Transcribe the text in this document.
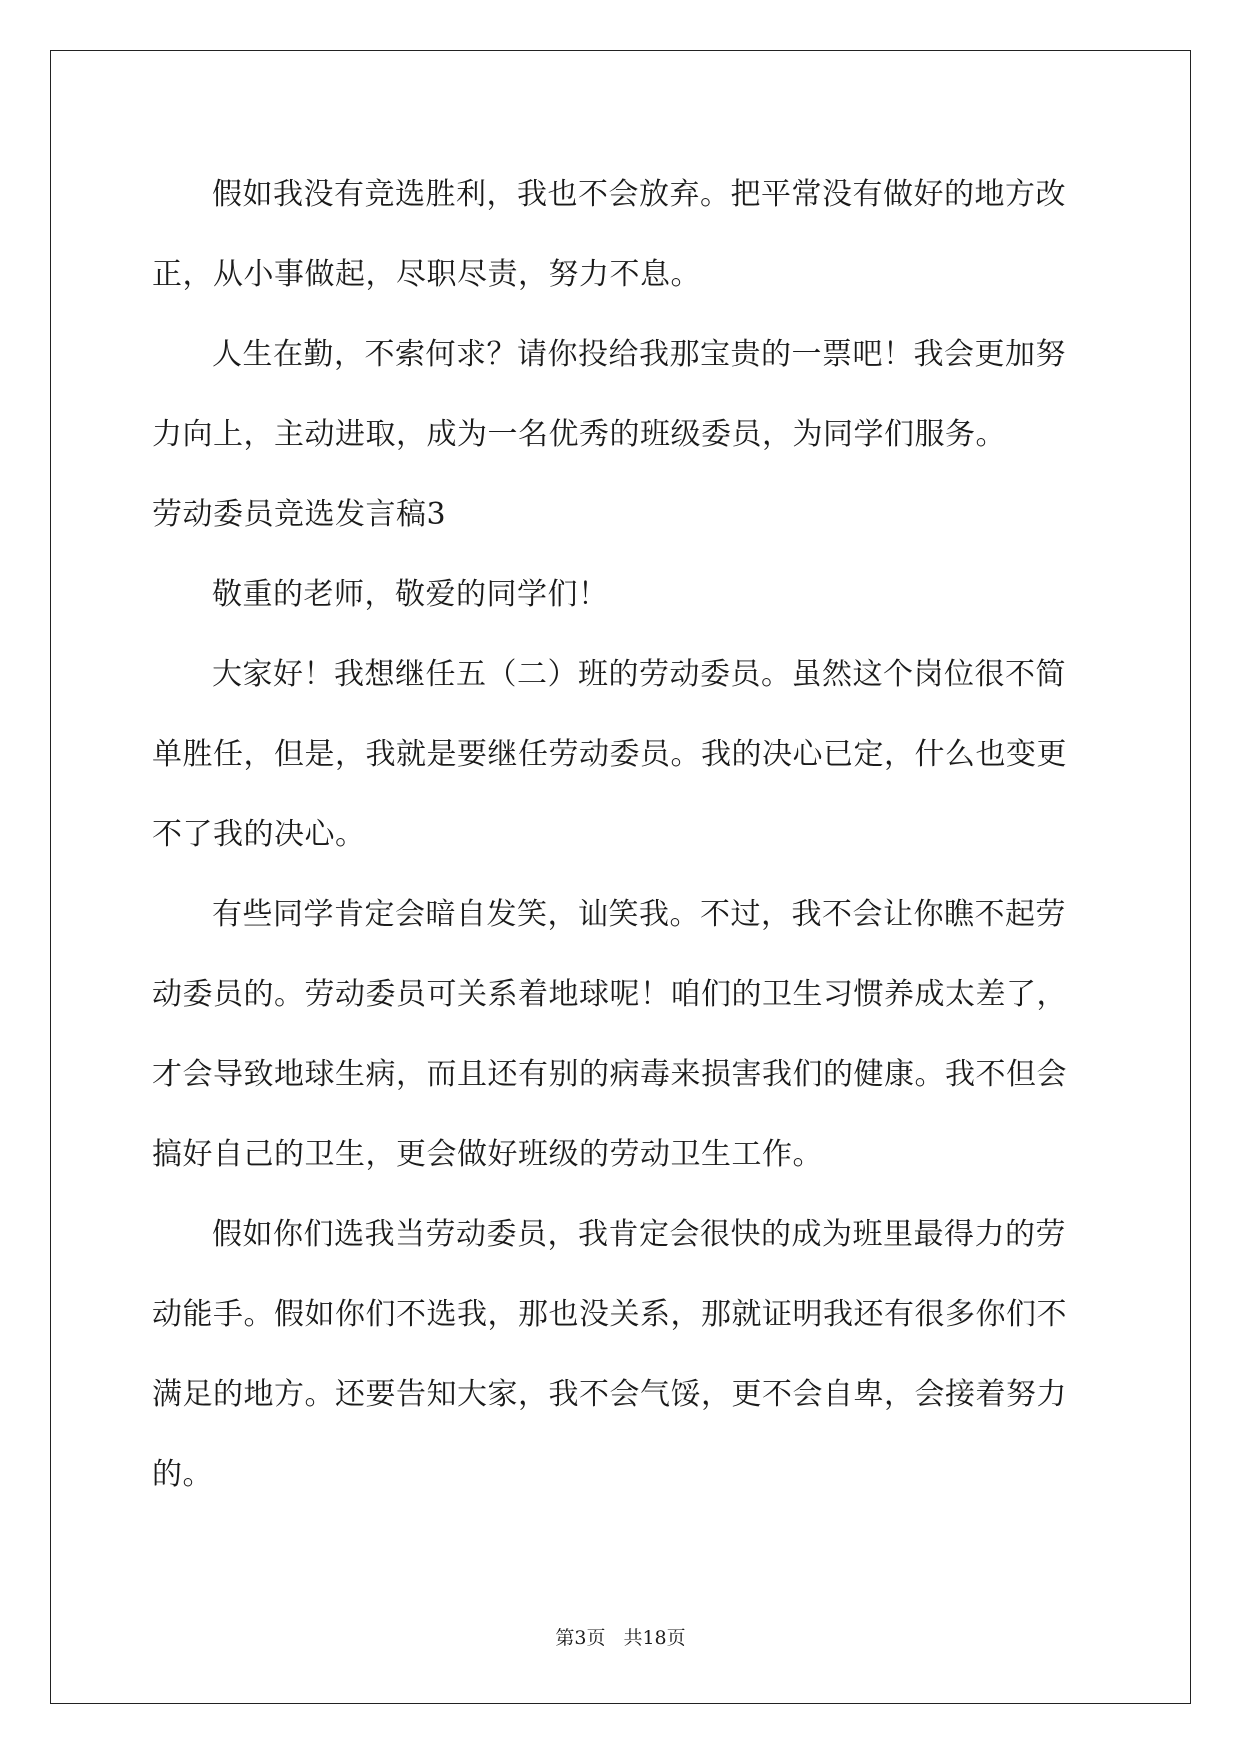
假如我没有竞选胜利，我也不会放弃。把平常没有做好的地方改正，从小事做起，尽职尽责，努力不息。

人生在勤，不索何求？请你投给我那宝贵的一票吧！我会更加努力向上，主动进取，成为一名优秀的班级委员，为同学们服务。

劳动委员竞选发言稿3

敬重的老师，敬爱的同学们！

大家好！我想继任五（二）班的劳动委员。虽然这个岗位很不简单胜任，但是，我就是要继任劳动委员。我的决心已定，什么也变更不了我的决心。

有些同学肯定会暗自发笑，讪笑我。不过，我不会让你瞧不起劳动委员的。劳动委员可关系着地球呢！咱们的卫生习惯养成太差了，才会导致地球生病，而且还有别的病毒来损害我们的健康。我不但会搞好自己的卫生，更会做好班级的劳动卫生工作。

假如你们选我当劳动委员，我肯定会很快的成为班里最得力的劳动能手。假如你们不选我，那也没关系，那就证明我还有很多你们不满足的地方。还要告知大家，我不会气馁，更不会自卑，会接着努力的。

第3页 共18页
